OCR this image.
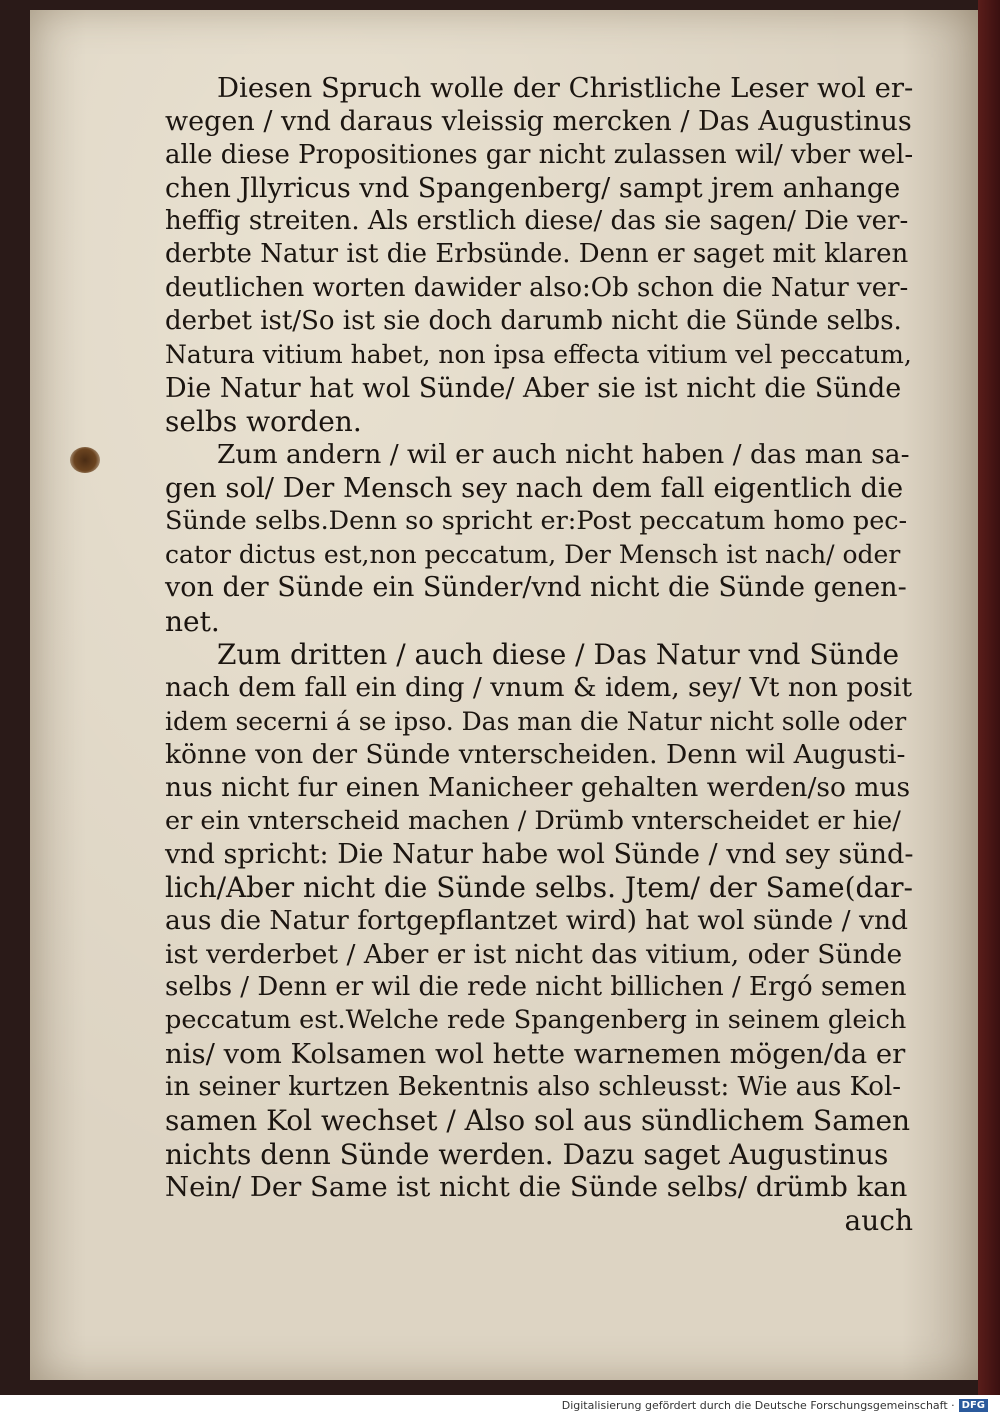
Diesen Spruch wolle der Christliche Leser wol er-
wegen / vnd daraus vleissig mercken / Das Augustinus
alle diese Propositiones gar nicht zulassen wil/ vber wel-
chen Jllyricus vnd Spangenberg/ sampt jrem anhange
heffig streiten. Als erstlich diese/ das sie sagen/ Die ver-
derbte Natur ist die Erbsünde. Denn er saget mit klaren
deutlichen worten dawider also:Ob schon die Natur ver-
derbet ist/So ist sie doch darumb nicht die Sünde selbs.
Natura vitium habet, non ipsa effecta vitium vel peccatum,
Die Natur hat wol Sünde/ Aber sie ist nicht die Sünde
selbs worden.
Zum andern / wil er auch nicht haben / das man sa-
gen sol/ Der Mensch sey nach dem fall eigentlich die
Sünde selbs.Denn so spricht er:Post peccatum homo pec-
cator dictus est,non peccatum, Der Mensch ist nach/ oder
von der Sünde ein Sünder/vnd nicht die Sünde genen-
net.
Zum dritten / auch diese / Das Natur vnd Sünde
nach dem fall ein ding / vnum & idem, sey/ Vt non posit
idem secerni á se ipso. Das man die Natur nicht solle oder
könne von der Sünde vnterscheiden. Denn wil Augusti-
nus nicht fur einen Manicheer gehalten werden/so mus
er ein vnterscheid machen / Drümb vnterscheidet er hie/
vnd spricht: Die Natur habe wol Sünde / vnd sey sünd-
lich/Aber nicht die Sünde selbs. Jtem/ der Same(dar-
aus die Natur fortgepflantzet wird) hat wol sünde / vnd
ist verderbet / Aber er ist nicht das vitium, oder Sünde
selbs / Denn er wil die rede nicht billichen / Ergó semen
peccatum est.Welche rede Spangenberg in seinem gleich
nis/ vom Kolsamen wol hette warnemen mögen/da er
in seiner kurtzen Bekentnis also schleusst: Wie aus Kol-
samen Kol wechset / Also sol aus sündlichem Samen
nichts denn Sünde werden. Dazu saget Augustinus
Nein/ Der Same ist nicht die Sünde selbs/ drümb kan
auch
Digitalisierung gefördert durch die Deutsche Forschungsgemeinschaft · DFG
